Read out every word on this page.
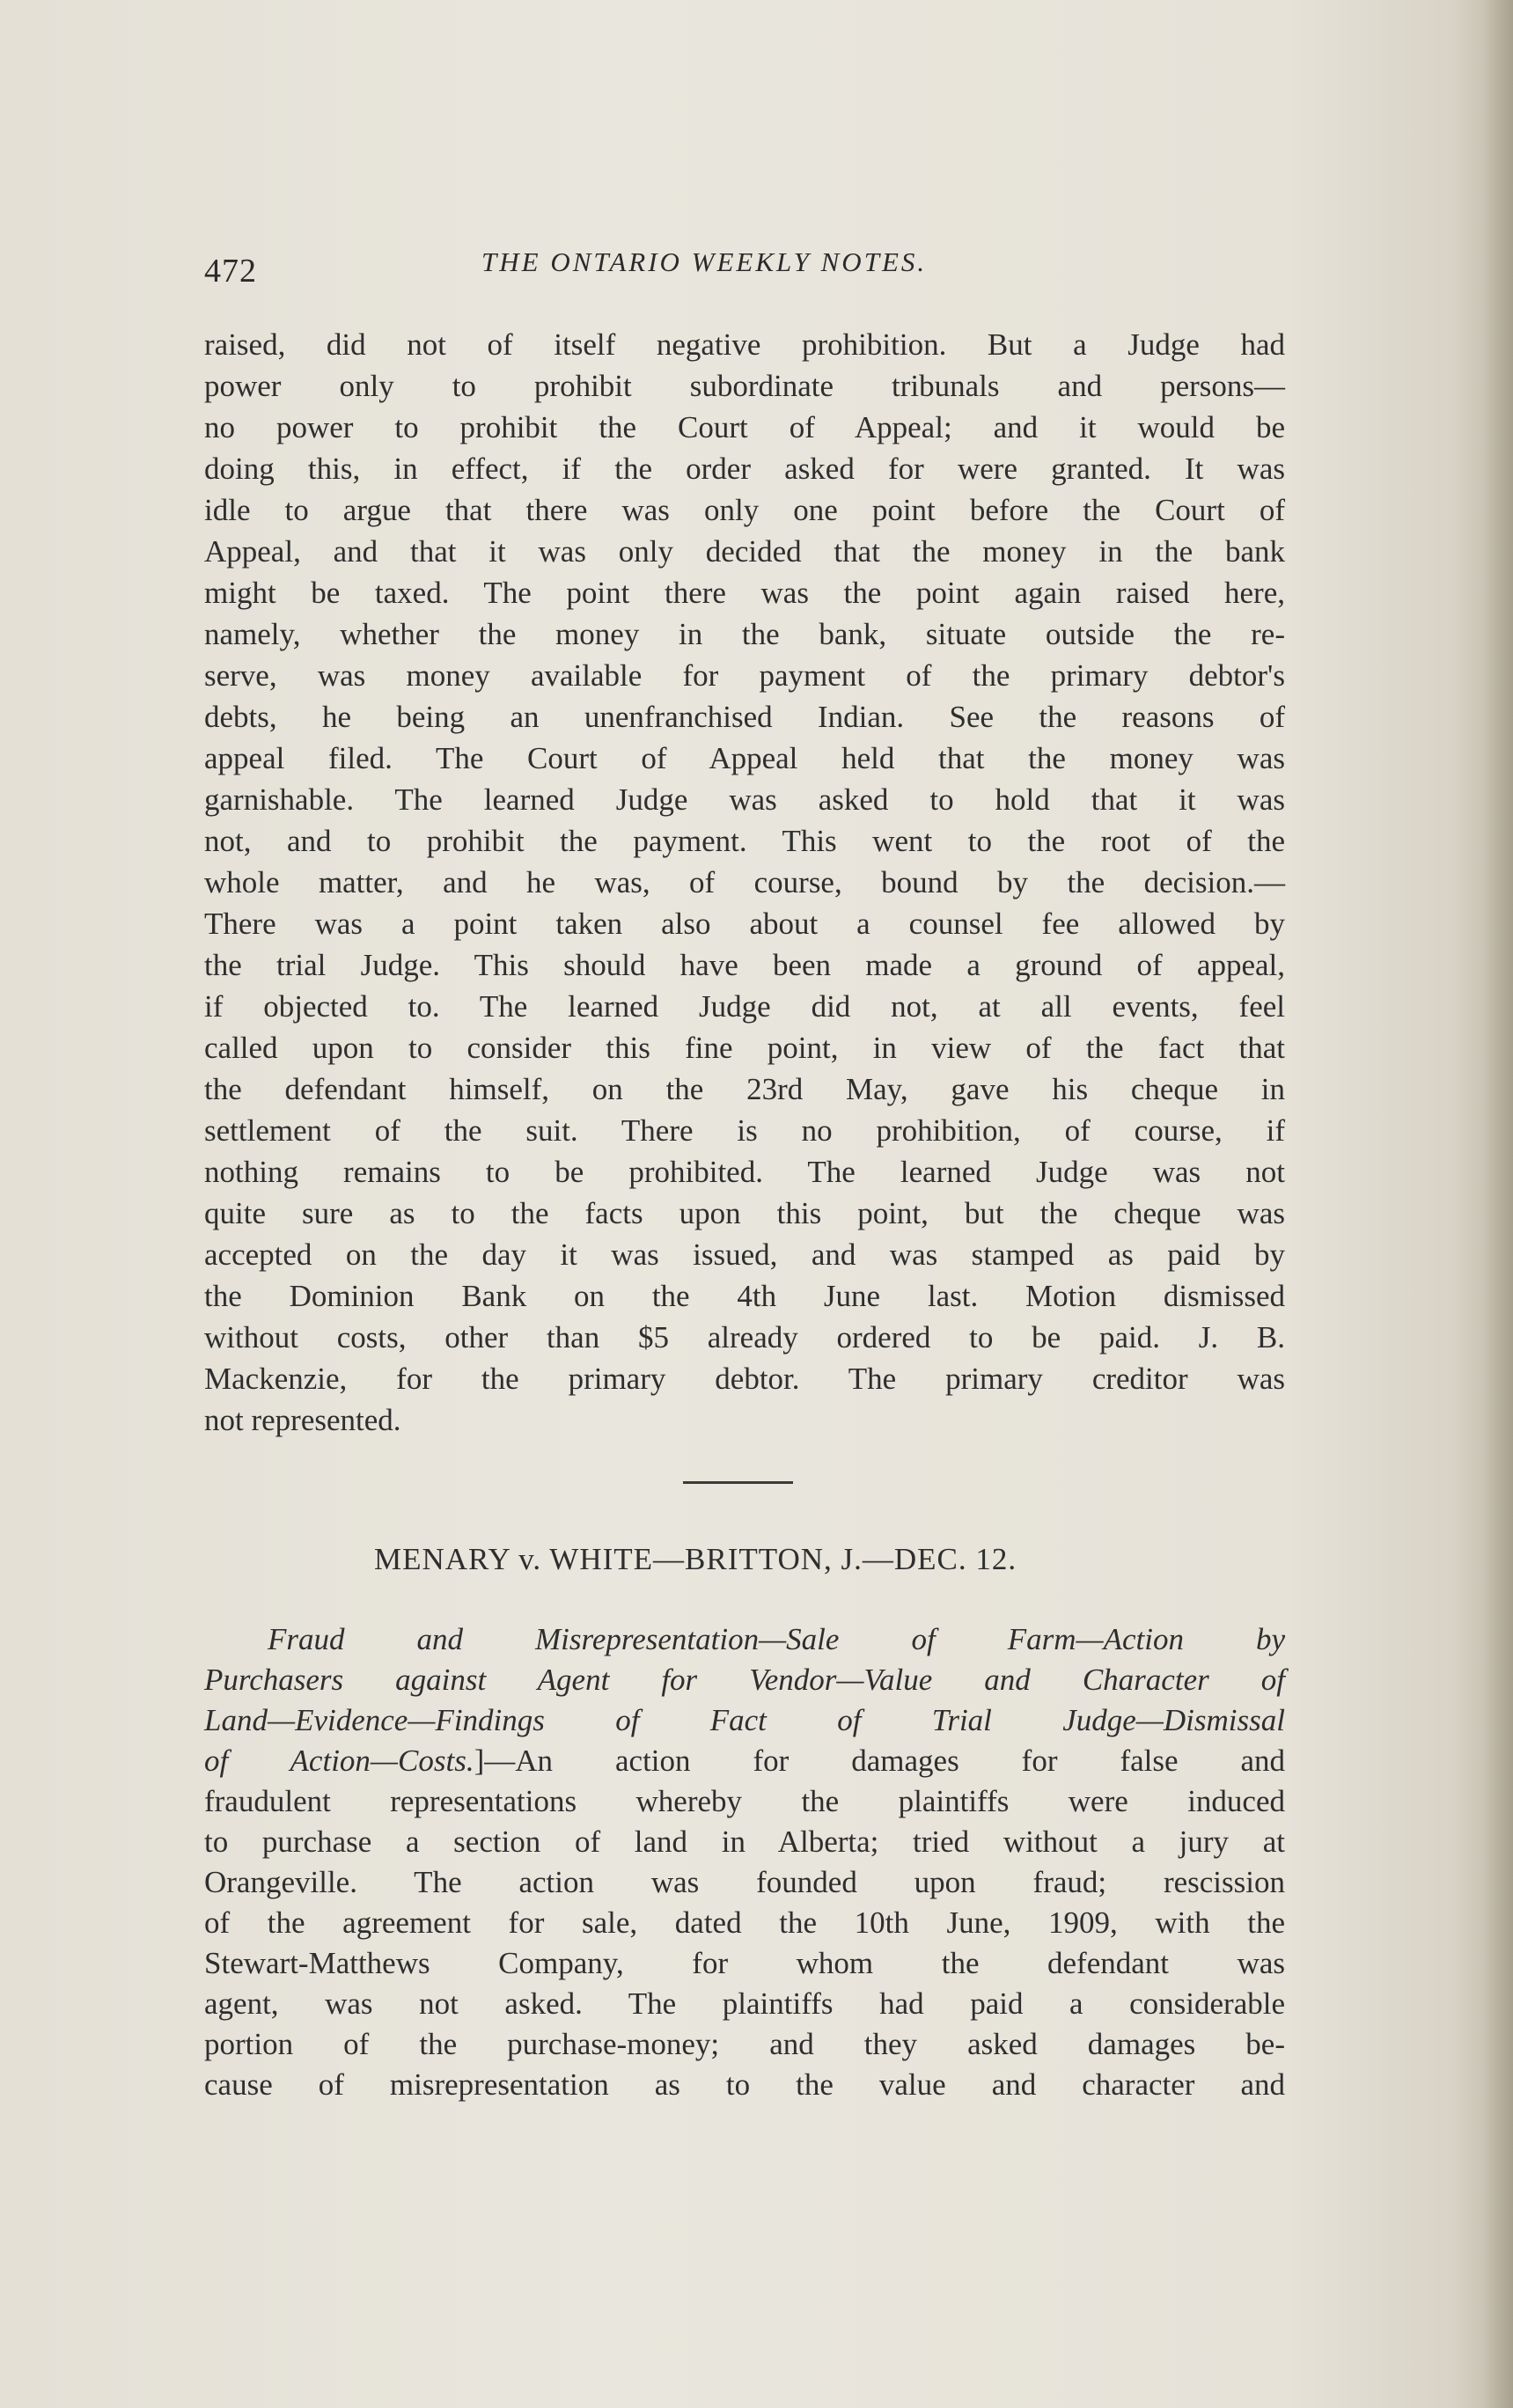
472	THE ONTARIO WEEKLY NOTES.
raised, did not of itself negative prohibition. But a Judge had
power only to prohibit subordinate tribunals and persons—
no power to prohibit the Court of Appeal; and it would be
doing this, in effect, if the order asked for were granted. It was
idle to argue that there was only one point before the Court of
Appeal, and that it was only decided that the money in the bank
might be taxed. The point there was the point again raised here,
namely, whether the money in the bank, situate outside the re-
serve, was money available for payment of the primary debtor's
debts, he being an unenfranchised Indian. See the reasons of
appeal filed. The Court of Appeal held that the money was
garnishable. The learned Judge was asked to hold that it was
not, and to prohibit the payment. This went to the root of the
whole matter, and he was, of course, bound by the decision.—
There was a point taken also about a counsel fee allowed by
the trial Judge. This should have been made a ground of appeal,
if objected to. The learned Judge did not, at all events, feel
called upon to consider this fine point, in view of the fact that
the defendant himself, on the 23rd May, gave his cheque in
settlement of the suit. There is no prohibition, of course, if
nothing remains to be prohibited. The learned Judge was not
quite sure as to the facts upon this point, but the cheque was
accepted on the day it was issued, and was stamped as paid by
the Dominion Bank on the 4th June last. Motion dismissed
without costs, other than $5 already ordered to be paid. J. B.
Mackenzie, for the primary debtor. The primary creditor was
not represented.
MENARY v. WHITE—BRITTON, J.—DEC. 12.
Fraud and Misrepresentation—Sale of Farm—Action by
Purchasers against Agent for Vendor—Value and Character of
Land—Evidence—Findings of Fact of Trial Judge—Dismissal
of Action—Costs.]—An action for damages for false and
fraudulent representations whereby the plaintiffs were induced
to purchase a section of land in Alberta; tried without a jury at
Orangeville. The action was founded upon fraud; rescission
of the agreement for sale, dated the 10th June, 1909, with the
Stewart-Matthews Company, for whom the defendant was
agent, was not asked. The plaintiffs had paid a considerable
portion of the purchase-money; and they asked damages be-
cause of misrepresentation as to the value and character and
